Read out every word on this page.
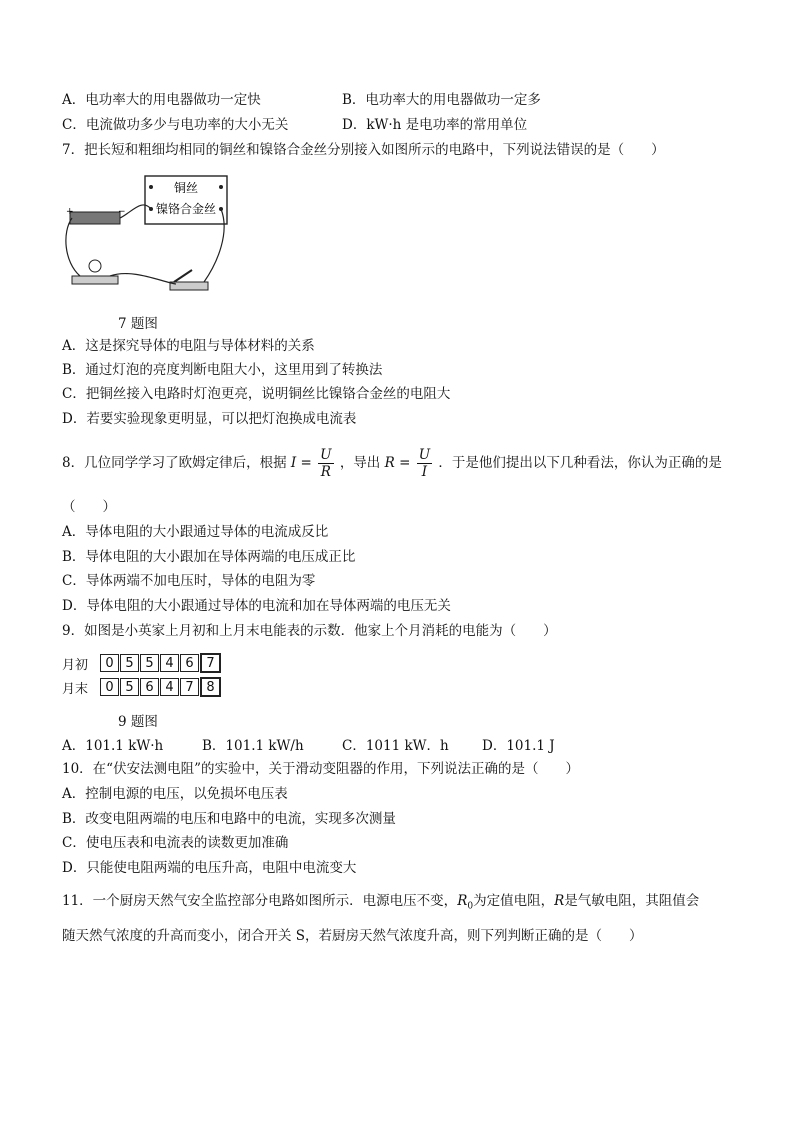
A．电功率大的用电器做功一定快	B．电功率大的用电器做功一定多
C．电流做功多少与电功率的大小无关	D．kW·h 是电功率的常用单位
7．把长短和粗细均相同的铜丝和镍铬合金丝分别接入如图所示的电路中，下列说法错误的是（　　）
铜丝
镍铬合金丝
+	−
7 题图
A．这是探究导体的电阻与导体材料的关系
B．通过灯泡的亮度判断电阻大小，这里用到了转换法
C．把铜丝接入电路时灯泡更亮，说明铜丝比镍铬合金丝的电阻大
D．若要实验现象更明显，可以把灯泡换成电流表
8．几位同学学习了欧姆定律后，根据 $I = \frac{U}{R}$ ，导出 $R = \frac{U}{I}$ ．于是他们提出以下几种看法，你认为正确的是
（　　）
A．导体电阻的大小跟通过导体的电流成反比
B．导体电阻的大小跟加在导体两端的电压成正比
C．导体两端不加电压时，导体的电阻为零
D．导体电阻的大小跟通过导体的电流和加在导体两端的电压无关
9．如图是小英家上月初和上月末电能表的示数．他家上个月消耗的电能为（　　）
月初	0 5 5 4 6 7
月末	0 5 6 4 7 8
9 题图
A．101.1 kW·h	B．101.1 kW/h	C．1011 kW．h D．101.1 J
10．在“伏安法测电阻”的实验中，关于滑动变阻器的作用，下列说法正确的是（　　）
A．控制电源的电压，以免损坏电压表
B．改变电阻两端的电压和电路中的电流，实现多次测量
C．使电压表和电流表的读数更加准确
D．只能使电阻两端的电压升高，电阻中电流变大
11．一个厨房天然气安全监控部分电路如图所示．电源电压不变，$R_0$为定值电阻，R是气敏电阻，其阻值会
随天然气浓度的升高而变小，闭合开关 S，若厨房天然气浓度升高，则下列判断正确的是（　　）
